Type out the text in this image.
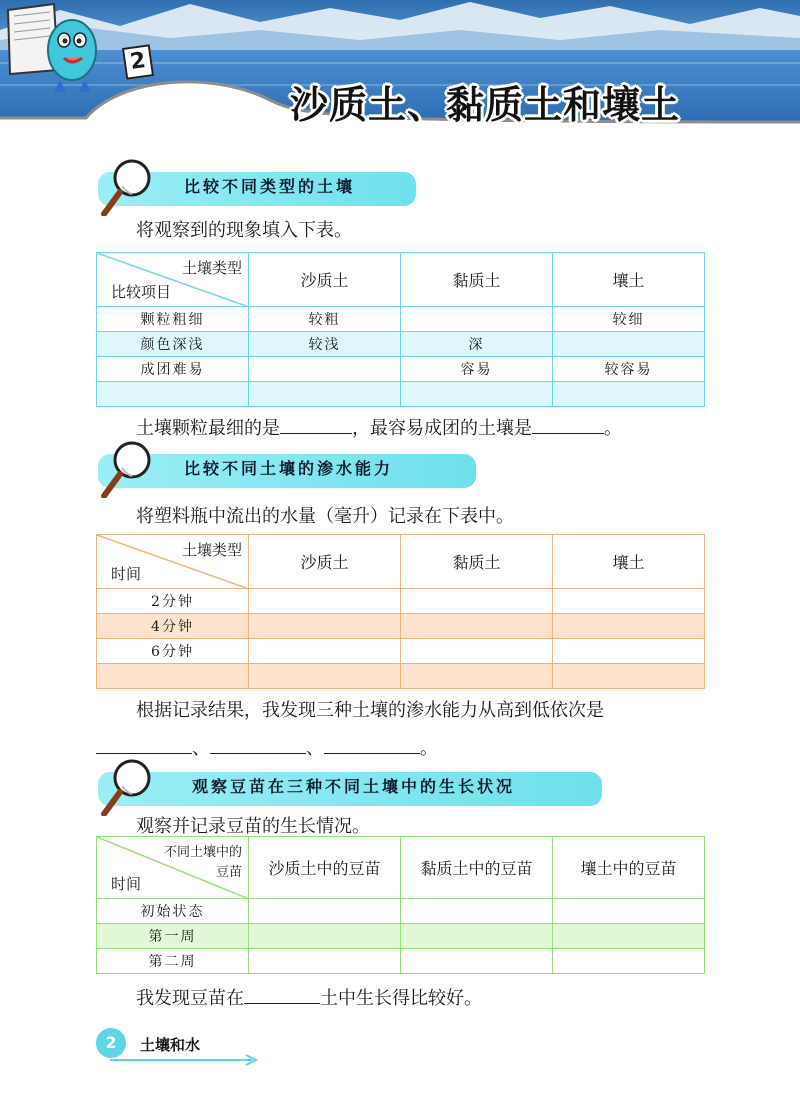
2
沙质土、黏质土和壤土
比较不同类型的土壤
将观察到的现象填入下表。
土壤类型
比较项目	沙质土	黏质土	壤土
颗粒粗细	较粗		较细
颜色深浅	较浅	深	
成团难易		容易	较容易

土壤颗粒最细的是	，最容易成团的土壤是	。
比较不同土壤的渗水能力
将塑料瓶中流出的水量（毫升）记录在下表中。
土壤类型
时间	沙质土	黏质土	壤土
2分钟			
4分钟			
6分钟			

根据记录结果，我发现三种土壤的渗水能力从高到低依次是
、	、	。
观察豆苗在三种不同土壤中的生长状况
观察并记录豆苗的生长情况。
不同土壤中的
豆苗
时间	沙质土中的豆苗	黏质土中的豆苗	壤土中的豆苗
初始状态			
第一周			
第二周			
我发现豆苗在	土中生长得比较好。
2	土壤和水
